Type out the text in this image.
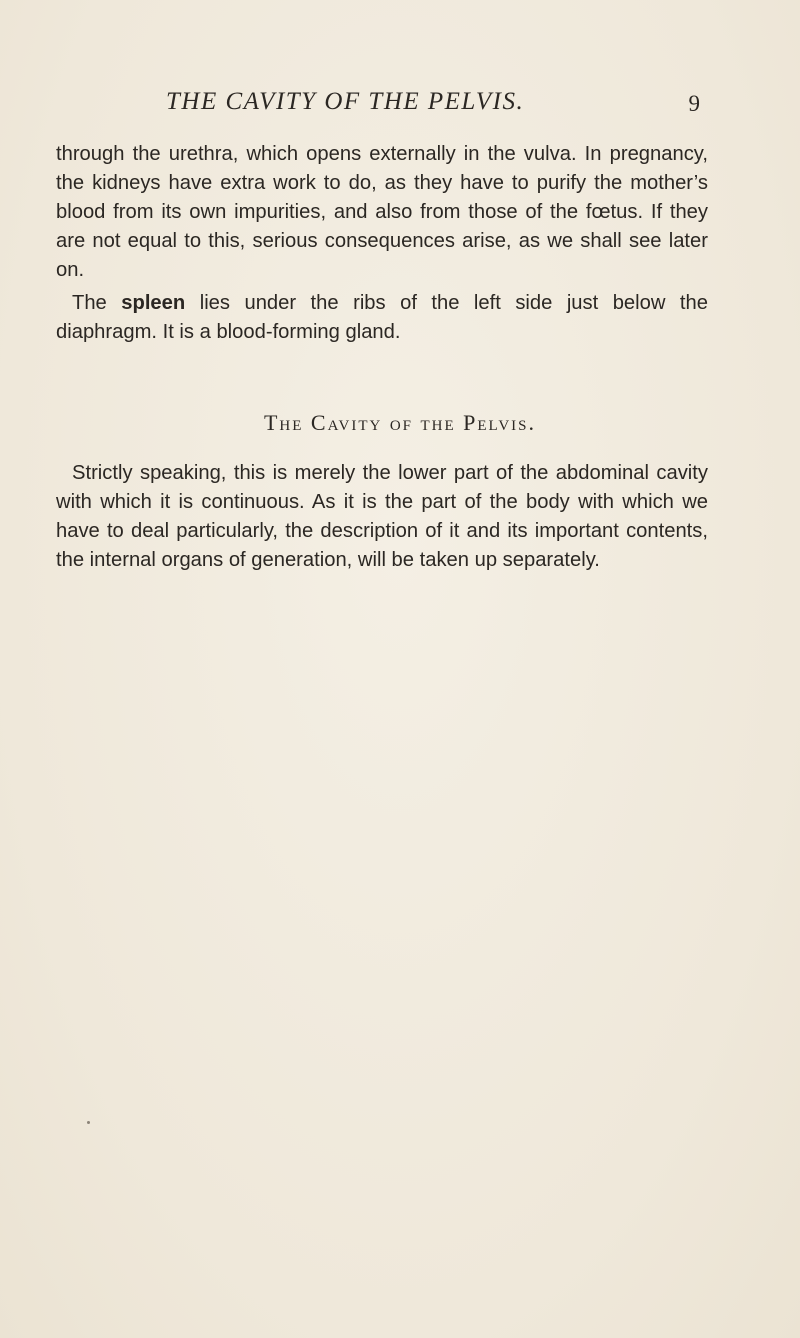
THE CAVITY OF THE PELVIS.	9

through the urethra, which opens externally in the vulva. In pregnancy, the kidneys have extra work to do, as they have to purify the mother’s blood from its own impurities, and also from those of the fœtus. If they are not equal to this, serious consequences arise, as we shall see later on.

The spleen lies under the ribs of the left side just below the diaphragm. It is a blood-forming gland.

The Cavity of the Pelvis.

Strictly speaking, this is merely the lower part of the abdominal cavity with which it is continuous. As it is the part of the body with which we have to deal particularly, the description of it and its important contents, the internal organs of generation, will be taken up separately.
